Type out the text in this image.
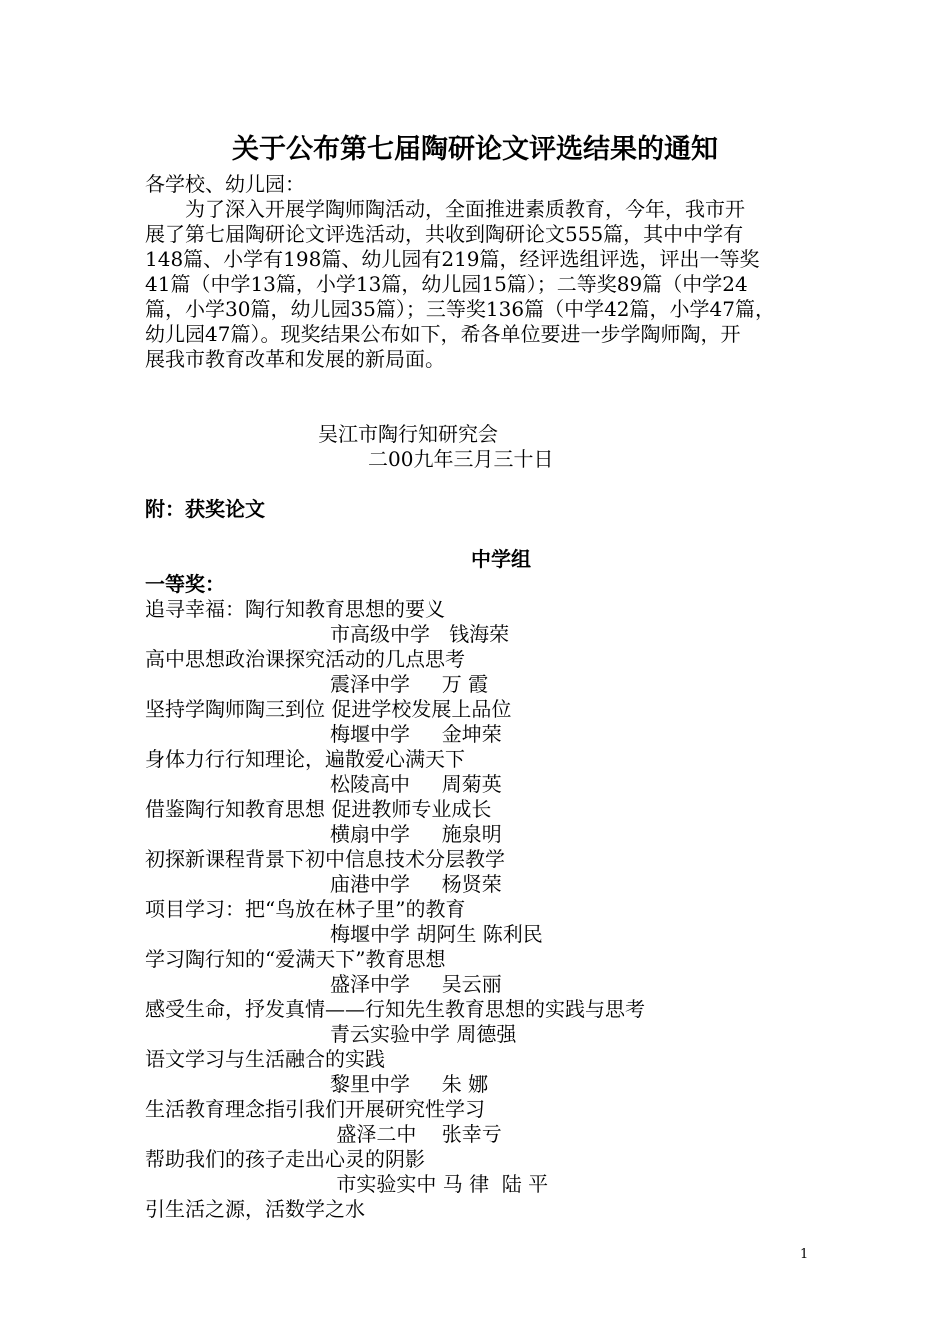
关于公布第七届陶研论文评选结果的通知

各学校、幼儿园：

为了深入开展学陶师陶活动，全面推进素质教育，今年，我市开
展了第七届陶研论文评选活动，共收到陶研论文555篇，其中中学有
148篇、小学有198篇、幼儿园有219篇，经评选组评选，评出一等奖
41篇（中学13篇，小学13篇，幼儿园15篇）；二等奖89篇（中学24
篇，小学30篇，幼儿园35篇）；三等奖136篇（中学42篇，小学47篇，
幼儿园47篇）。现奖结果公布如下，希各单位要进一步学陶师陶，开
展我市教育改革和发展的新局面。
吴江市陶行知研究会
二00九年三月三十日

附：获奖论文

中学组

一等奖：

追寻幸福：陶行知教育思想的要义
市高级中学   钱海荣
高中思想政治课探究活动的几点思考
震泽中学     万 霞
坚持学陶师陶三到位 促进学校发展上品位
梅堰中学     金坤荣
身体力行行知理论，遍散爱心满天下
松陵高中     周菊英
借鉴陶行知教育思想 促进教师专业成长
横扇中学     施泉明
初探新课程背景下初中信息技术分层教学
庙港中学     杨贤荣
项目学习：把“鸟放在林子里”的教育
梅堰中学 胡阿生 陈利民
学习陶行知的“爱满天下”教育思想
盛泽中学     吴云丽
感受生命，抒发真情——行知先生教育思想的实践与思考
青云实验中学 周德强
语文学习与生活融合的实践
黎里中学     朱 娜
生活教育理念指引我们开展研究性学习
盛泽二中    张幸亏
帮助我们的孩子走出心灵的阴影
市实验实中 马 律  陆 平
引生活之源，活数学之水
1
